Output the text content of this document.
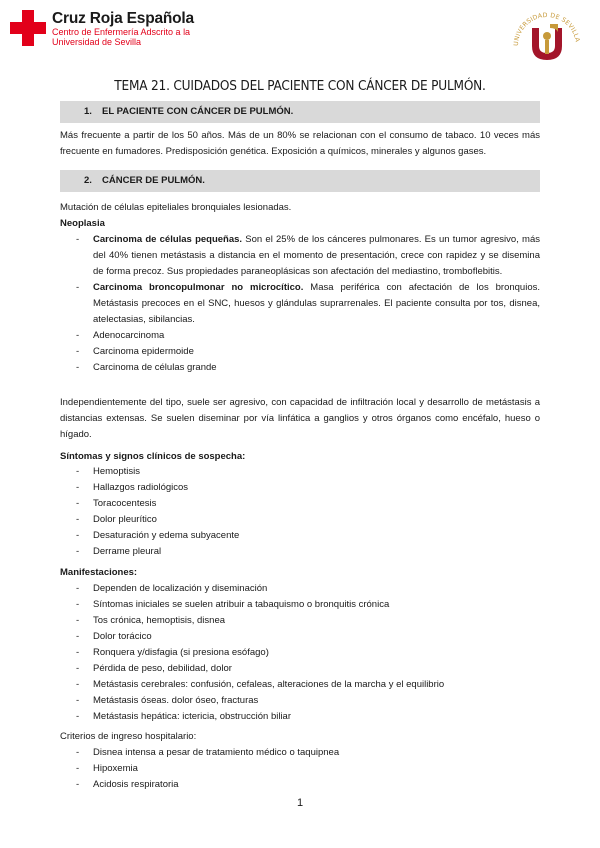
Cruz Roja Española
Centro de Enfermería Adscrito a la
Universidad de Sevilla	UNIVERSIDAD DE SEVILLA
TEMA 21. CUIDADOS DEL PACIENTE CON CÁNCER DE PULMÓN.
1. EL PACIENTE CON CÁNCER DE PULMÓN.
Más frecuente a partir de los 50 años. Más de un 80% se relacionan con el consumo de tabaco. 10 veces más frecuente en fumadores. Predisposición genética. Exposición a químicos, minerales y algunos gases.
2. CÁNCER DE PULMÓN.
Mutación de células epiteliales bronquiales lesionadas.
Neoplasia
- Carcinoma de células pequeñas. Son el 25% de los cánceres pulmonares. Es un tumor agresivo, más del 40% tienen metástasis a distancia en el momento de presentación, crece con rapidez y se disemina de forma precoz. Sus propiedades paraneoplásicas son afectación del mediastino, tromboflebitis.
- Carcinoma broncopulmonar no microcítico. Masa periférica con afectación de los bronquios. Metástasis precoces en el SNC, huesos y glándulas suprarrenales. El paciente consulta por tos, disnea, atelectasias, sibilancias.
- Adenocarcinoma
- Carcinoma epidermoide
- Carcinoma de células grande
Independientemente del tipo, suele ser agresivo, con capacidad de infiltración local y desarrollo de metástasis a distancias extensas. Se suelen diseminar por vía linfática a ganglios y otros órganos como encéfalo, hueso o hígado.
Síntomas y signos clínicos de sospecha:
- Hemoptisis
- Hallazgos radiológicos
- Toracocentesis
- Dolor pleurítico
- Desaturación y edema subyacente
- Derrame pleural
Manifestaciones:
- Dependen de localización y diseminación
- Síntomas iniciales se suelen atribuir a tabaquismo o bronquitis crónica
- Tos crónica, hemoptisis, disnea
- Dolor torácico
- Ronquera y/disfagia (si presiona esófago)
- Pérdida de peso, debilidad, dolor
- Metástasis cerebrales: confusión, cefaleas, alteraciones de la marcha y el equilibrio
- Metástasis óseas. dolor óseo, fracturas
- Metástasis hepática: ictericia, obstrucción biliar
Criterios de ingreso hospitalario:
- Disnea intensa a pesar de tratamiento médico o taquipnea
- Hipoxemia
- Acidosis respiratoria
1
